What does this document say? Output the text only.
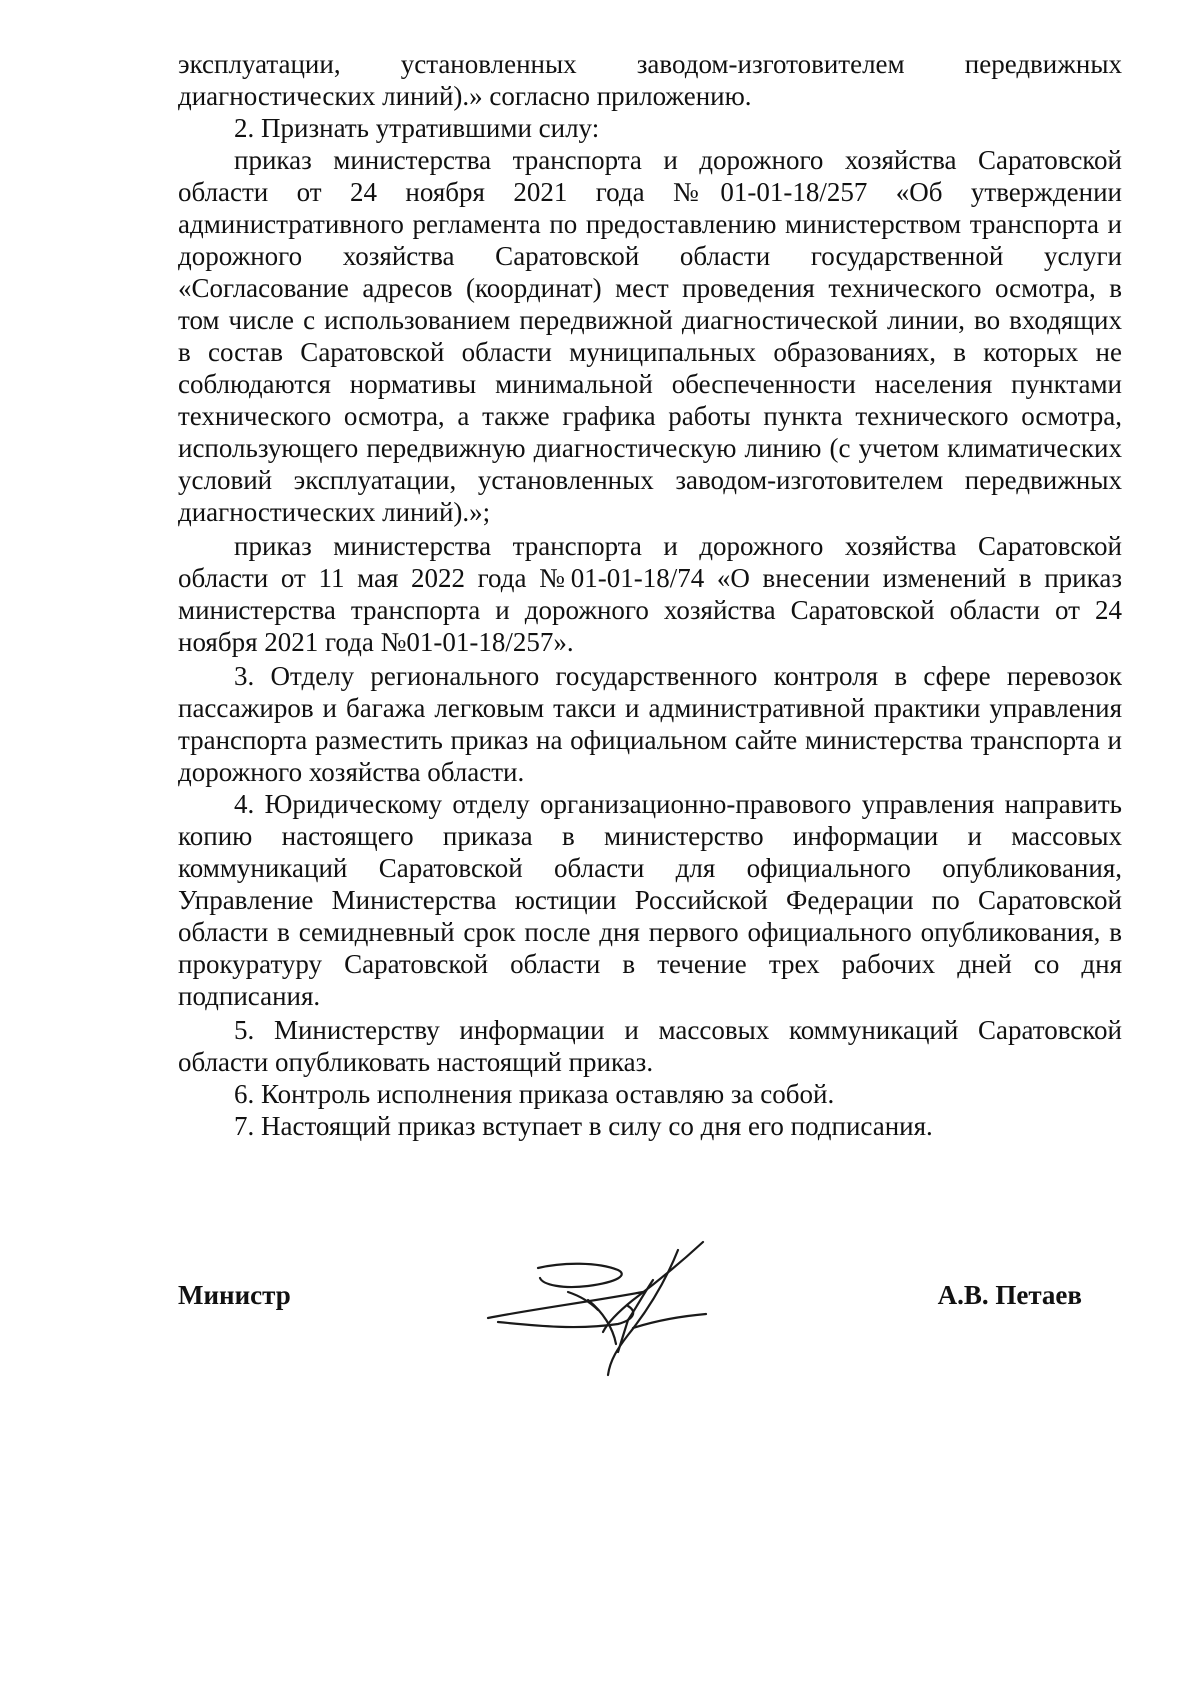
эксплуатации, установленных заводом-изготовителем передвижных диагностических линий).» согласно приложению.

2. Признать утратившими силу:

приказ министерства транспорта и дорожного хозяйства Саратовской области от 24 ноября 2021 года №01-01-18/257 «Об утверждении административного регламента по предоставлению министерством транспорта и дорожного хозяйства Саратовской области государственной услуги «Согласование адресов (координат) мест проведения технического осмотра, в том числе с использованием передвижной диагностической линии, во входящих в состав Саратовской области муниципальных образованиях, в которых не соблюдаются нормативы минимальной обеспеченности населения пунктами технического осмотра, а также графика работы пункта технического осмотра, использующего передвижную диагностическую линию (с учетом климатических условий эксплуатации, установленных заводом-изготовителем передвижных диагностических линий).»;

приказ министерства транспорта и дорожного хозяйства Саратовской области от 11 мая 2022 года №01-01-18/74 «О внесении изменений в приказ министерства транспорта и дорожного хозяйства Саратовской области от 24 ноября 2021 года №01-01-18/257».

3. Отделу регионального государственного контроля в сфере перевозок пассажиров и багажа легковым такси и административной практики управления транспорта разместить приказ на официальном сайте министерства транспорта и дорожного хозяйства области.

4. Юридическому отделу организационно-правового управления направить копию настоящего приказа в министерство информации и массовых коммуникаций Саратовской области для официального опубликования, Управление Министерства юстиции Российской Федерации по Саратовской области в семидневный срок после дня первого официального опубликования, в прокуратуру Саратовской области в течение трех рабочих дней со дня подписания.

5. Министерству информации и массовых коммуникаций Саратовской области опубликовать настоящий приказ.

6. Контроль исполнения приказа оставляю за собой.

7. Настоящий приказ вступает в силу со дня его подписания.

Министр	А.В. Петаев
